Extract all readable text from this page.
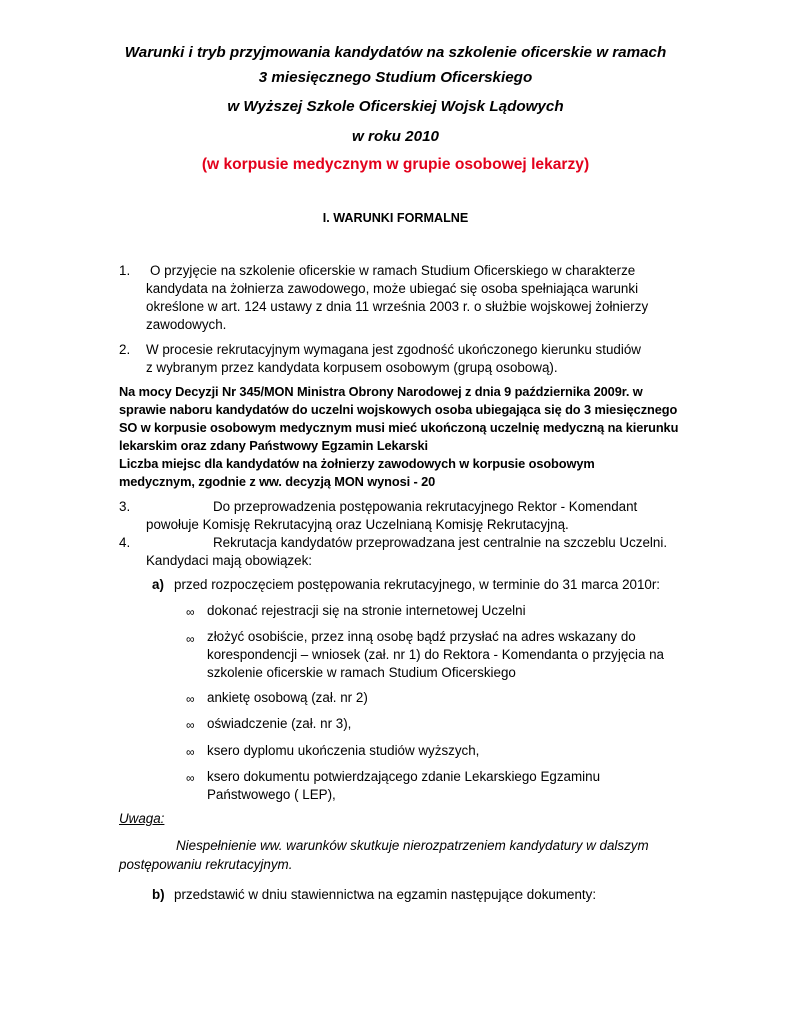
Warunki i tryb przyjmowania kandydatów na szkolenie oficerskie w ramach
3 miesięcznego Studium Oficerskiego
w Wyższej Szkole Oficerskiej Wojsk Lądowych
w roku 2010
(w korpusie medycznym w grupie osobowej lekarzy)
I. WARUNKI FORMALNE
1. O przyjęcie na szkolenie oficerskie w ramach Studium Oficerskiego w charakterze
kandydata na żołnierza zawodowego, może ubiegać się osoba spełniająca warunki
określone w art. 124 ustawy z dnia 11 września 2003 r. o służbie wojskowej żołnierzy
zawodowych.
2. W procesie rekrutacyjnym wymagana jest zgodność ukończonego kierunku studiów
z wybranym przez kandydata korpusem osobowym (grupą osobową).
Na mocy Decyzji Nr 345/MON Ministra Obrony Narodowej z dnia 9 października 2009r. w
sprawie naboru kandydatów do uczelni wojskowych osoba ubiegająca się do 3 miesięcznego
SO w korpusie osobowym medycznym musi mieć ukończoną uczelnię medyczną na kierunku
lekarskim oraz zdany Państwowy Egzamin Lekarski
Liczba miejsc dla kandydatów na żołnierzy zawodowych w korpusie osobowym
medycznym, zgodnie z ww. decyzją MON wynosi - 20
3.	Do przeprowadzenia postępowania rekrutacyjnego Rektor - Komendant
powołuje Komisję Rekrutacyjną oraz Uczelnianą Komisję Rekrutacyjną.
4.	Rekrutacja kandydatów przeprowadzana jest centralnie na szczeblu Uczelni.
Kandydaci mają obowiązek:
a) przed rozpoczęciem postępowania rekrutacyjnego, w terminie do 31 marca 2010r:
∞ dokonać rejestracji się na stronie internetowej Uczelni
∞ złożyć osobiście, przez inną osobę bądź przysłać na adres wskazany do
korespondencji – wniosek (zał. nr 1) do Rektora - Komendanta o przyjęcia na
szkolenie oficerskie w ramach Studium Oficerskiego
∞ ankietę osobową (zał. nr 2)
∞ oświadczenie (zał. nr 3),
∞ ksero dyplomu ukończenia studiów wyższych,
∞ ksero dokumentu potwierdzającego zdanie Lekarskiego Egzaminu
Państwowego ( LEP),
Uwaga:
Niespełnienie ww. warunków skutkuje nierozpatrzeniem kandydatury w dalszym
postępowaniu rekrutacyjnym.
b) przedstawić w dniu stawiennictwa na egzamin następujące dokumenty:
